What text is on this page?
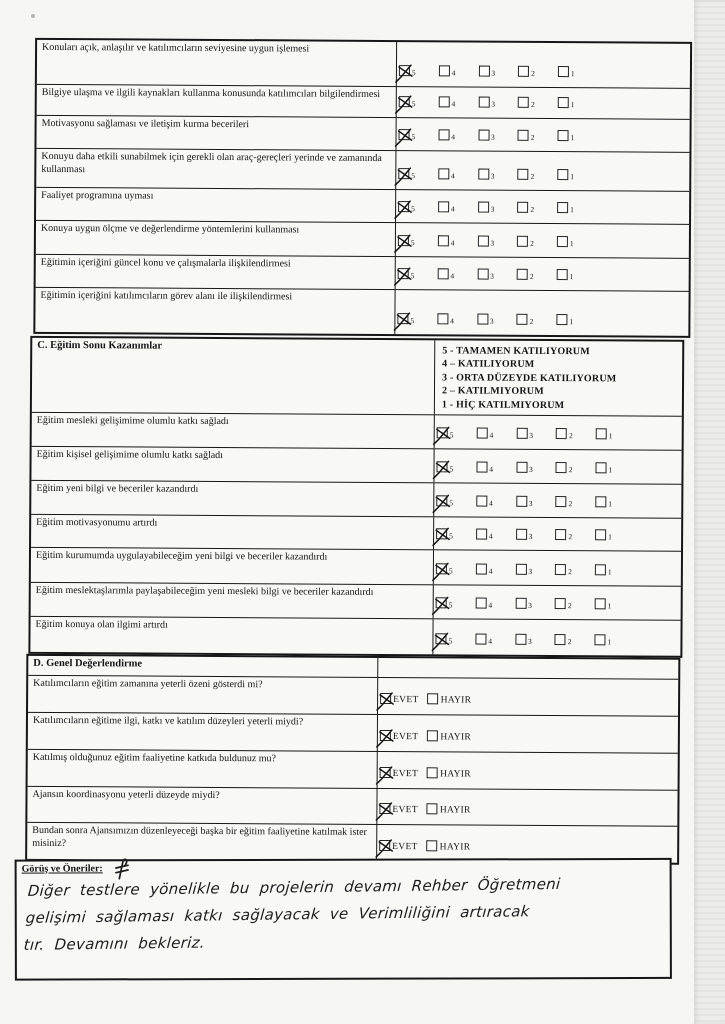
Konuları açık, anlaşılır ve katılımcıların seviyesine uygun işlemesi
5	4	3	2	1
Bilgiye ulaşma ve ilgili kaynakları kullanma konusunda katılımcıları bilgilendirmesi
5	4	3	2	1
Motivasyonu sağlaması ve iletişim kurma becerileri
5	4	3	2	1
Konuyu daha etkili sunabilmek için gerekli olan araç-gereçleri yerinde ve zamanında kullanması
5	4	3	2	1
Faaliyet programına uyması
5	4	3	2	1
Konuya uygun ölçme ve değerlendirme yöntemlerini kullanması
5	4	3	2	1
Eğitimin içeriğini güncel konu ve çalışmalarla ilişkilendirmesi
5	4	3	2	1
Eğitimin içeriğini katılımcıların görev alanı ile ilişkilendirmesi
5	4	3	2	1
C. Eğitim Sonu Kazanımlar	5 - TAMAMEN KATILIYORUM
4 – KATILIYORUM
3 - ORTA DÜZEYDE KATILIYORUM
2 – KATILMIYORUM
1 - HİÇ KATILMIYORUM
Eğitim mesleki gelişimime olumlu katkı sağladı
5	4	3	2	1
Eğitim kişisel gelişimime olumlu katkı sağladı
5	4	3	2	1
Eğitim yeni bilgi ve beceriler kazandırdı
5	4	3	2	1
Eğitim motivasyonumu artırdı
5	4	3	2	1
Eğitim kurumumda uygulayabileceğim yeni bilgi ve beceriler kazandırdı
5	4	3	2	1
Eğitim meslektaşlarımla paylaşabileceğim yeni mesleki bilgi ve beceriler kazandırdı
5	4	3	2	1
Eğitim konuya olan ilgimi artırdı
5	4	3	2	1
D. Genel Değerlendirme
Katılımcıların eğitim zamanına yeterli özeni gösterdi mi?
EVET HAYIR
Katılımcıların eğitime ilgi, katkı ve katılım düzeyleri yeterli miydi?
EVET HAYIR
Katılmış olduğunuz eğitim faaliyetine katkıda buldunuz mu?
EVET HAYIR
Ajansın koordinasyonu yeterli düzeyde miydi?
EVET HAYIR
Bundan sonra Ajansımızın düzenleyeceği başka bir eğitim faaliyetine katılmak ister misiniz?	EVET HAYIR
Görüş ve Öneriler:
Diğer testlere yönelikle bu projelerin devamı Rehber Öğretmeni
gelişimi sağlaması katkı sağlayacak ve Verimliliğini artıracak
tır. Devamını bekleriz.
